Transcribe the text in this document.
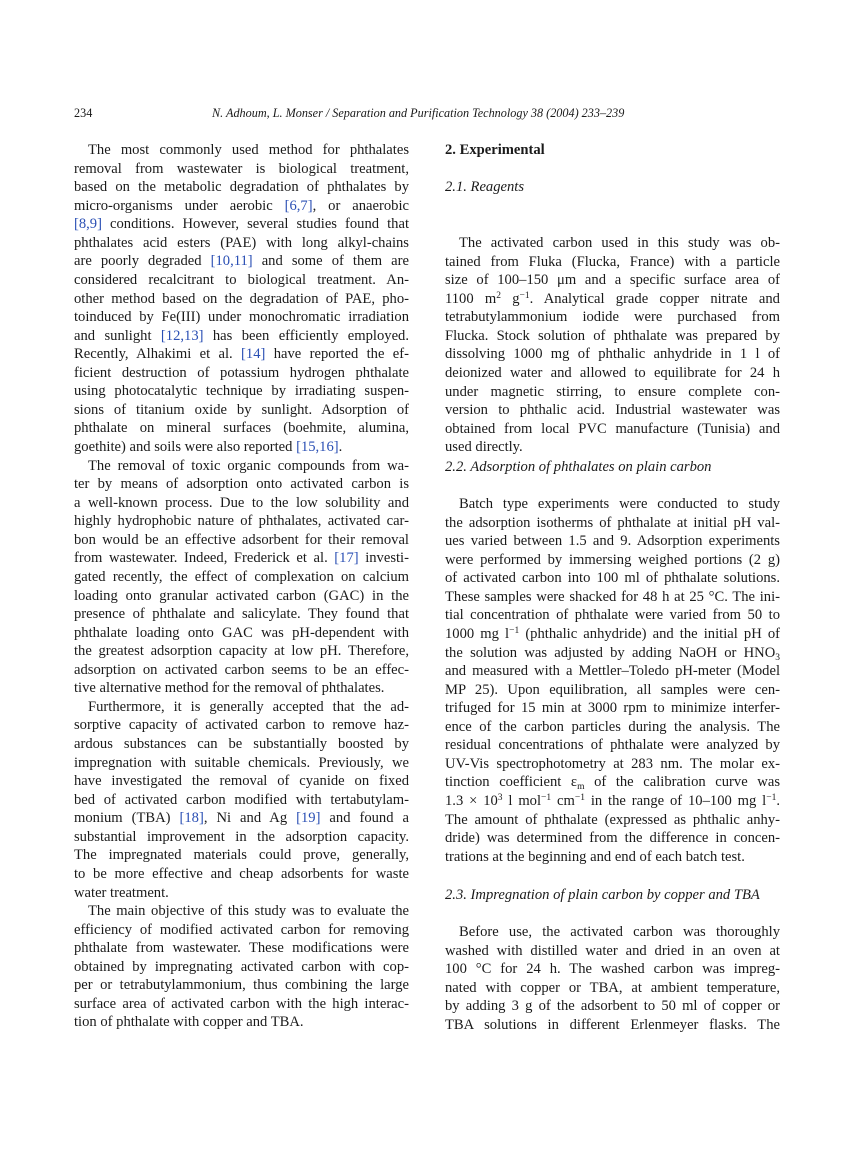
234	N. Adhoum, L. Monser / Separation and Purification Technology 38 (2004) 233–239
The most commonly used method for phthalates
removal from wastewater is biological treatment,
based on the metabolic degradation of phthalates by
micro-organisms under aerobic [6,7], or anaerobic
[8,9] conditions. However, several studies found that
phthalates acid esters (PAE) with long alkyl-chains
are poorly degraded [10,11] and some of them are
considered recalcitrant to biological treatment. An-
other method based on the degradation of PAE, pho-
toinduced by Fe(III) under monochromatic irradiation
and sunlight [12,13] has been efficiently employed.
Recently, Alhakimi et al. [14] have reported the ef-
ficient destruction of potassium hydrogen phthalate
using photocatalytic technique by irradiating suspen-
sions of titanium oxide by sunlight. Adsorption of
phthalate on mineral surfaces (boehmite, alumina,
goethite) and soils were also reported [15,16].
The removal of toxic organic compounds from wa-
ter by means of adsorption onto activated carbon is
a well-known process. Due to the low solubility and
highly hydrophobic nature of phthalates, activated car-
bon would be an effective adsorbent for their removal
from wastewater. Indeed, Frederick et al. [17] investi-
gated recently, the effect of complexation on calcium
loading onto granular activated carbon (GAC) in the
presence of phthalate and salicylate. They found that
phthalate loading onto GAC was pH-dependent with
the greatest adsorption capacity at low pH. Therefore,
adsorption on activated carbon seems to be an effec-
tive alternative method for the removal of phthalates.
Furthermore, it is generally accepted that the ad-
sorptive capacity of activated carbon to remove haz-
ardous substances can be substantially boosted by
impregnation with suitable chemicals. Previously, we
have investigated the removal of cyanide on fixed
bed of activated carbon modified with tertabutylam-
monium (TBA) [18], Ni and Ag [19] and found a
substantial improvement in the adsorption capacity.
The impregnated materials could prove, generally,
to be more effective and cheap adsorbents for waste
water treatment.
The main objective of this study was to evaluate the
efficiency of modified activated carbon for removing
phthalate from wastewater. These modifications were
obtained by impregnating activated carbon with cop-
per or tetrabutylammonium, thus combining the large
surface area of activated carbon with the high interac-
tion of phthalate with copper and TBA.
2. Experimental
2.1. Reagents
The activated carbon used in this study was ob-
tained from Fluka (Flucka, France) with a particle
size of 100–150 μm and a specific surface area of
1100 $m^2$ $g^{-1}$. Analytical grade copper nitrate and
tetrabutylammonium iodide were purchased from
Flucka. Stock solution of phthalate was prepared by
dissolving 1000 mg of phthalic anhydride in 1 l of
deionized water and allowed to equilibrate for 24 h
under magnetic stirring, to ensure complete con-
version to phthalic acid. Industrial wastewater was
obtained from local PVC manufacture (Tunisia) and
used directly.
2.2. Adsorption of phthalates on plain carbon
Batch type experiments were conducted to study
the adsorption isotherms of phthalate at initial pH val-
ues varied between 1.5 and 9. Adsorption experiments
were performed by immersing weighed portions (2 g)
of activated carbon into 100 ml of phthalate solutions.
These samples were shacked for 48 h at 25 °C. The ini-
tial concentration of phthalate were varied from 50 to
1000 mg $l^{-1}$ (phthalic anhydride) and the initial pH of
the solution was adjusted by adding NaOH or $HNO_3$
and measured with a Mettler–Toledo pH-meter (Model
MP 25). Upon equilibration, all samples were cen-
trifuged for 15 min at 3000 rpm to minimize interfer-
ence of the carbon particles during the analysis. The
residual concentrations of phthalate were analyzed by
UV-Vis spectrophotometry at 283 nm. The molar ex-
tinction coefficient $\varepsilon_m$ of the calibration curve was
$1.3 \times 10^3$ l mol$^{-1}$ $cm^{-1}$ in the range of 10–100 mg $l^{-1}$.
The amount of phthalate (expressed as phthalic anhy-
dride) was determined from the difference in concen-
trations at the beginning and end of each batch test.
2.3. Impregnation of plain carbon by copper and TBA
Before use, the activated carbon was thoroughly
washed with distilled water and dried in an oven at
100 °C for 24 h. The washed carbon was impreg-
nated with copper or TBA, at ambient temperature,
by adding 3 g of the adsorbent to 50 ml of copper or
TBA solutions in different Erlenmeyer flasks. The
